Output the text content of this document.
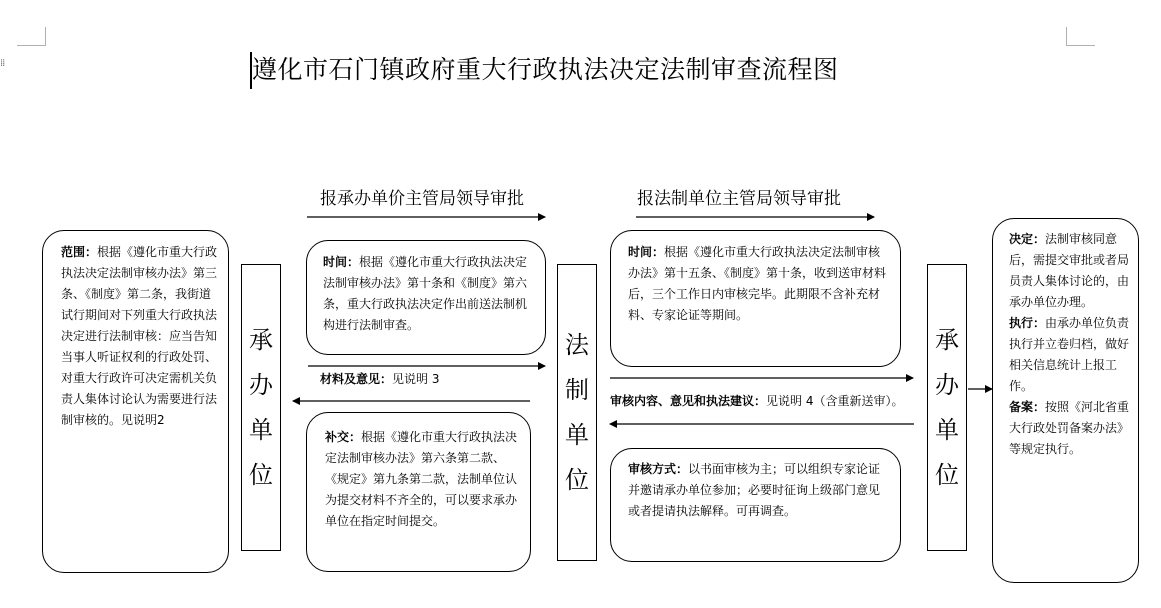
⁞⁞	遵化市石门镇政府重大行政执法决定法制审查流程图
报承办单价主管局领导审批	报法制单位主管局领导审批
范围：根据《遵化市重大行政执法决定法制审核办法》第三条、《制度》第二条，我街道试行期间对下列重大行政执法决定进行法制审核：应当告知当事人听证权利的行政处罚、对重大行政许可决定需机关负责人集体讨论认为需要进行法制审核的。见说明2
承
办
单
位
时间：根据《遵化市重大行政执法决定法制审核办法》第十条和《制度》第六条，重大行政执法决定作出前送法制机构进行法制审查。
材料及意见：见说明 3
补交：根据《遵化市重大行政执法决定法制审核办法》第六条第二款、《规定》第九条第二款，法制单位认为提交材料不齐全的，可以要求承办单位在指定时间提交。
法
制
单
位
时间：根据《遵化市重大行政执法决定法制审核办法》第十五条、《制度》第十条，收到送审材料后，三个工作日内审核完毕。此期限不含补充材料、专家论证等期间。
审核内容、意见和执法建议：见说明 4（含重新送审）。
审核方式：以书面审核为主；可以组织专家论证并邀请承办单位参加；必要时征询上级部门意见或者提请执法解释。可再调查。
承
办
单
位
决定：法制审核同意后，需提交审批或者局员责人集体讨论的，由承办单位办理。
执行：由承办单位负责执行并立卷归档，做好相关信息统计上报工作。
备案：按照《河北省重大行政处罚备案办法》等规定执行。
